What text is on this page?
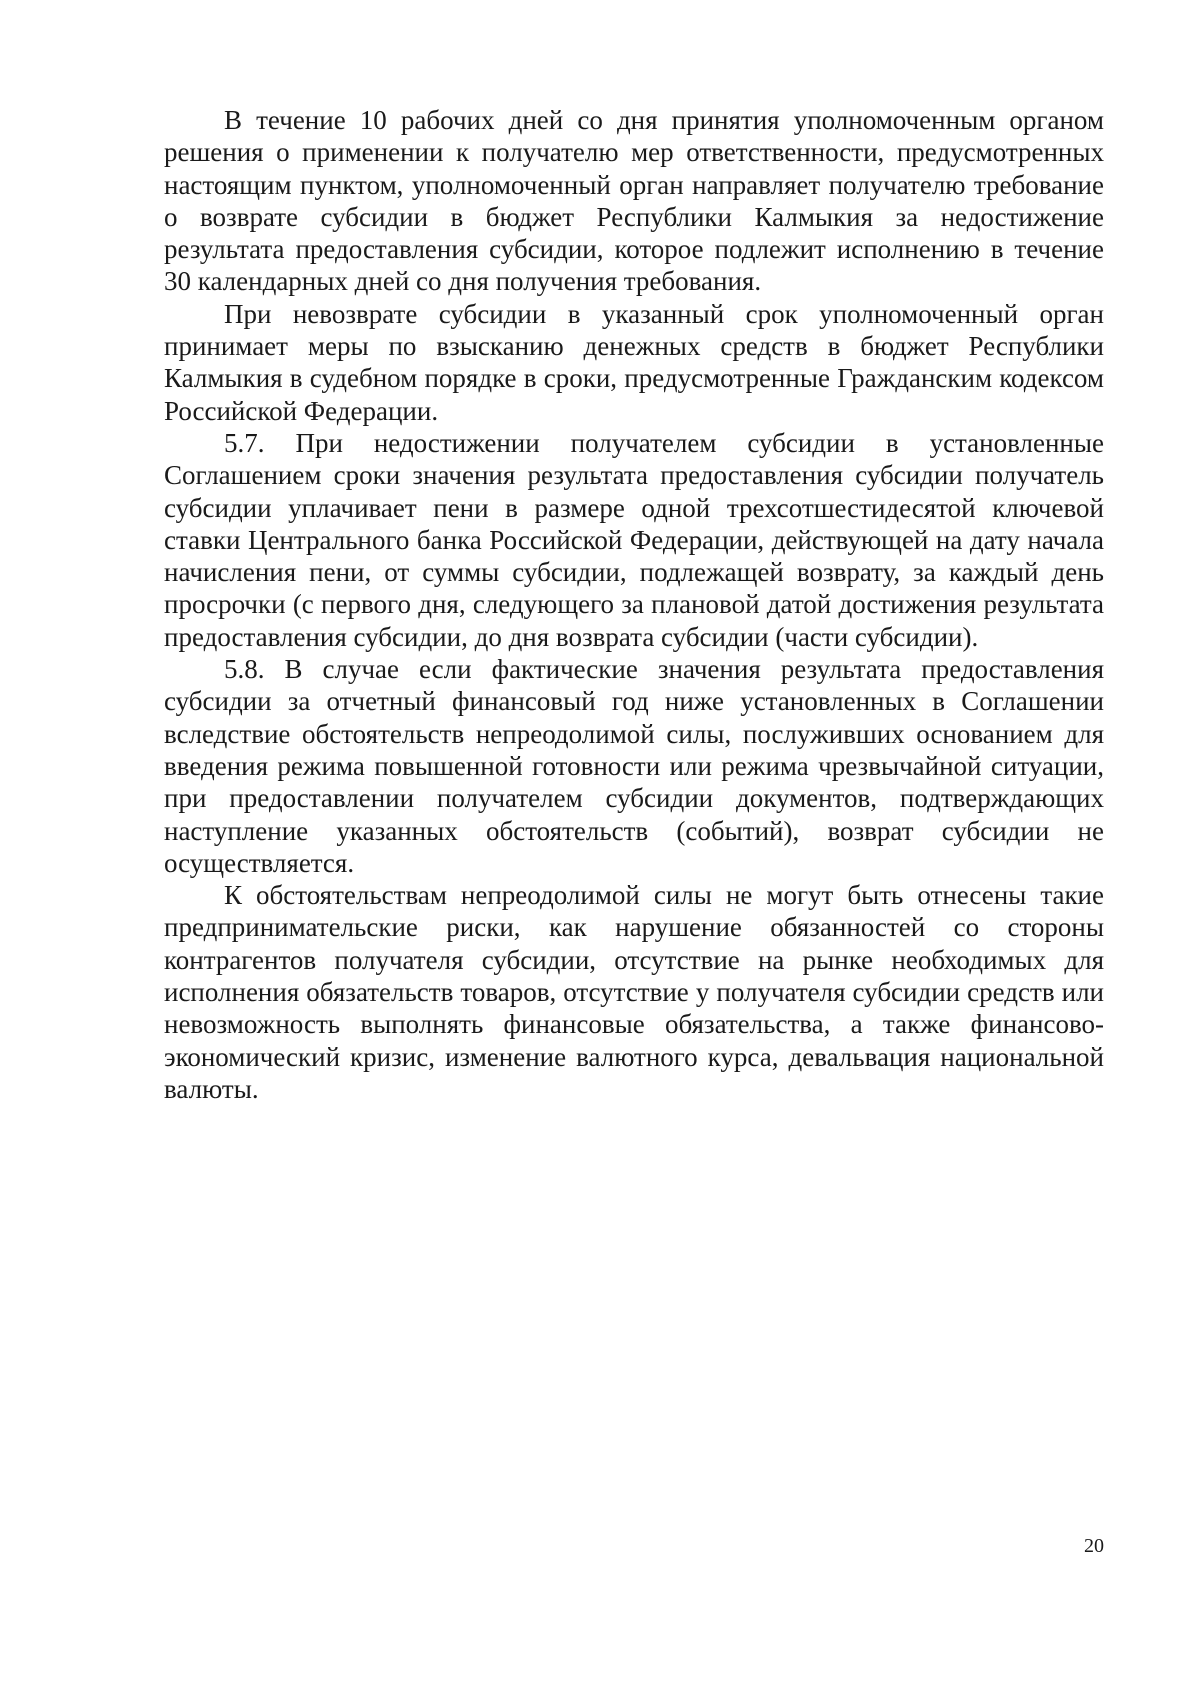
В течение 10 рабочих дней со дня принятия уполномоченным органом решения о применении к получателю мер ответственности, предусмотренных настоящим пунктом, уполномоченный орган направляет получателю требование о возврате субсидии в бюджет Республики Калмыкия за недостижение результата предоставления субсидии, которое подлежит исполнению в течение 30 календарных дней со дня получения требования.

При невозврате субсидии в указанный срок уполномоченный орган принимает меры по взысканию денежных средств в бюджет Республики Калмыкия в судебном порядке в сроки, предусмотренные Гражданским кодексом Российской Федерации.

5.7. При недостижении получателем субсидии в установленные Соглашением сроки значения результата предоставления субсидии получатель субсидии уплачивает пени в размере одной трехсотшестидесятой ключевой ставки Центрального банка Российской Федерации, действующей на дату начала начисления пени, от суммы субсидии, подлежащей возврату, за каждый день просрочки (с первого дня, следующего за плановой датой достижения результата предоставления субсидии, до дня возврата субсидии (части субсидии).

5.8. В случае если фактические значения результата предоставления субсидии за отчетный финансовый год ниже установленных в Соглашении вследствие обстоятельств непреодолимой силы, послуживших основанием для введения режима повышенной готовности или режима чрезвычайной ситуации, при предоставлении получателем субсидии документов, подтверждающих наступление указанных обстоятельств (событий), возврат субсидии не осуществляется.

К обстоятельствам непреодолимой силы не могут быть отнесены такие предпринимательские риски, как нарушение обязанностей со стороны контрагентов получателя субсидии, отсутствие на рынке необходимых для исполнения обязательств товаров, отсутствие у получателя субсидии средств или невозможность выполнять финансовые обязательства, а также финансово-экономический кризис, изменение валютного курса, девальвация национальной валюты.

20
